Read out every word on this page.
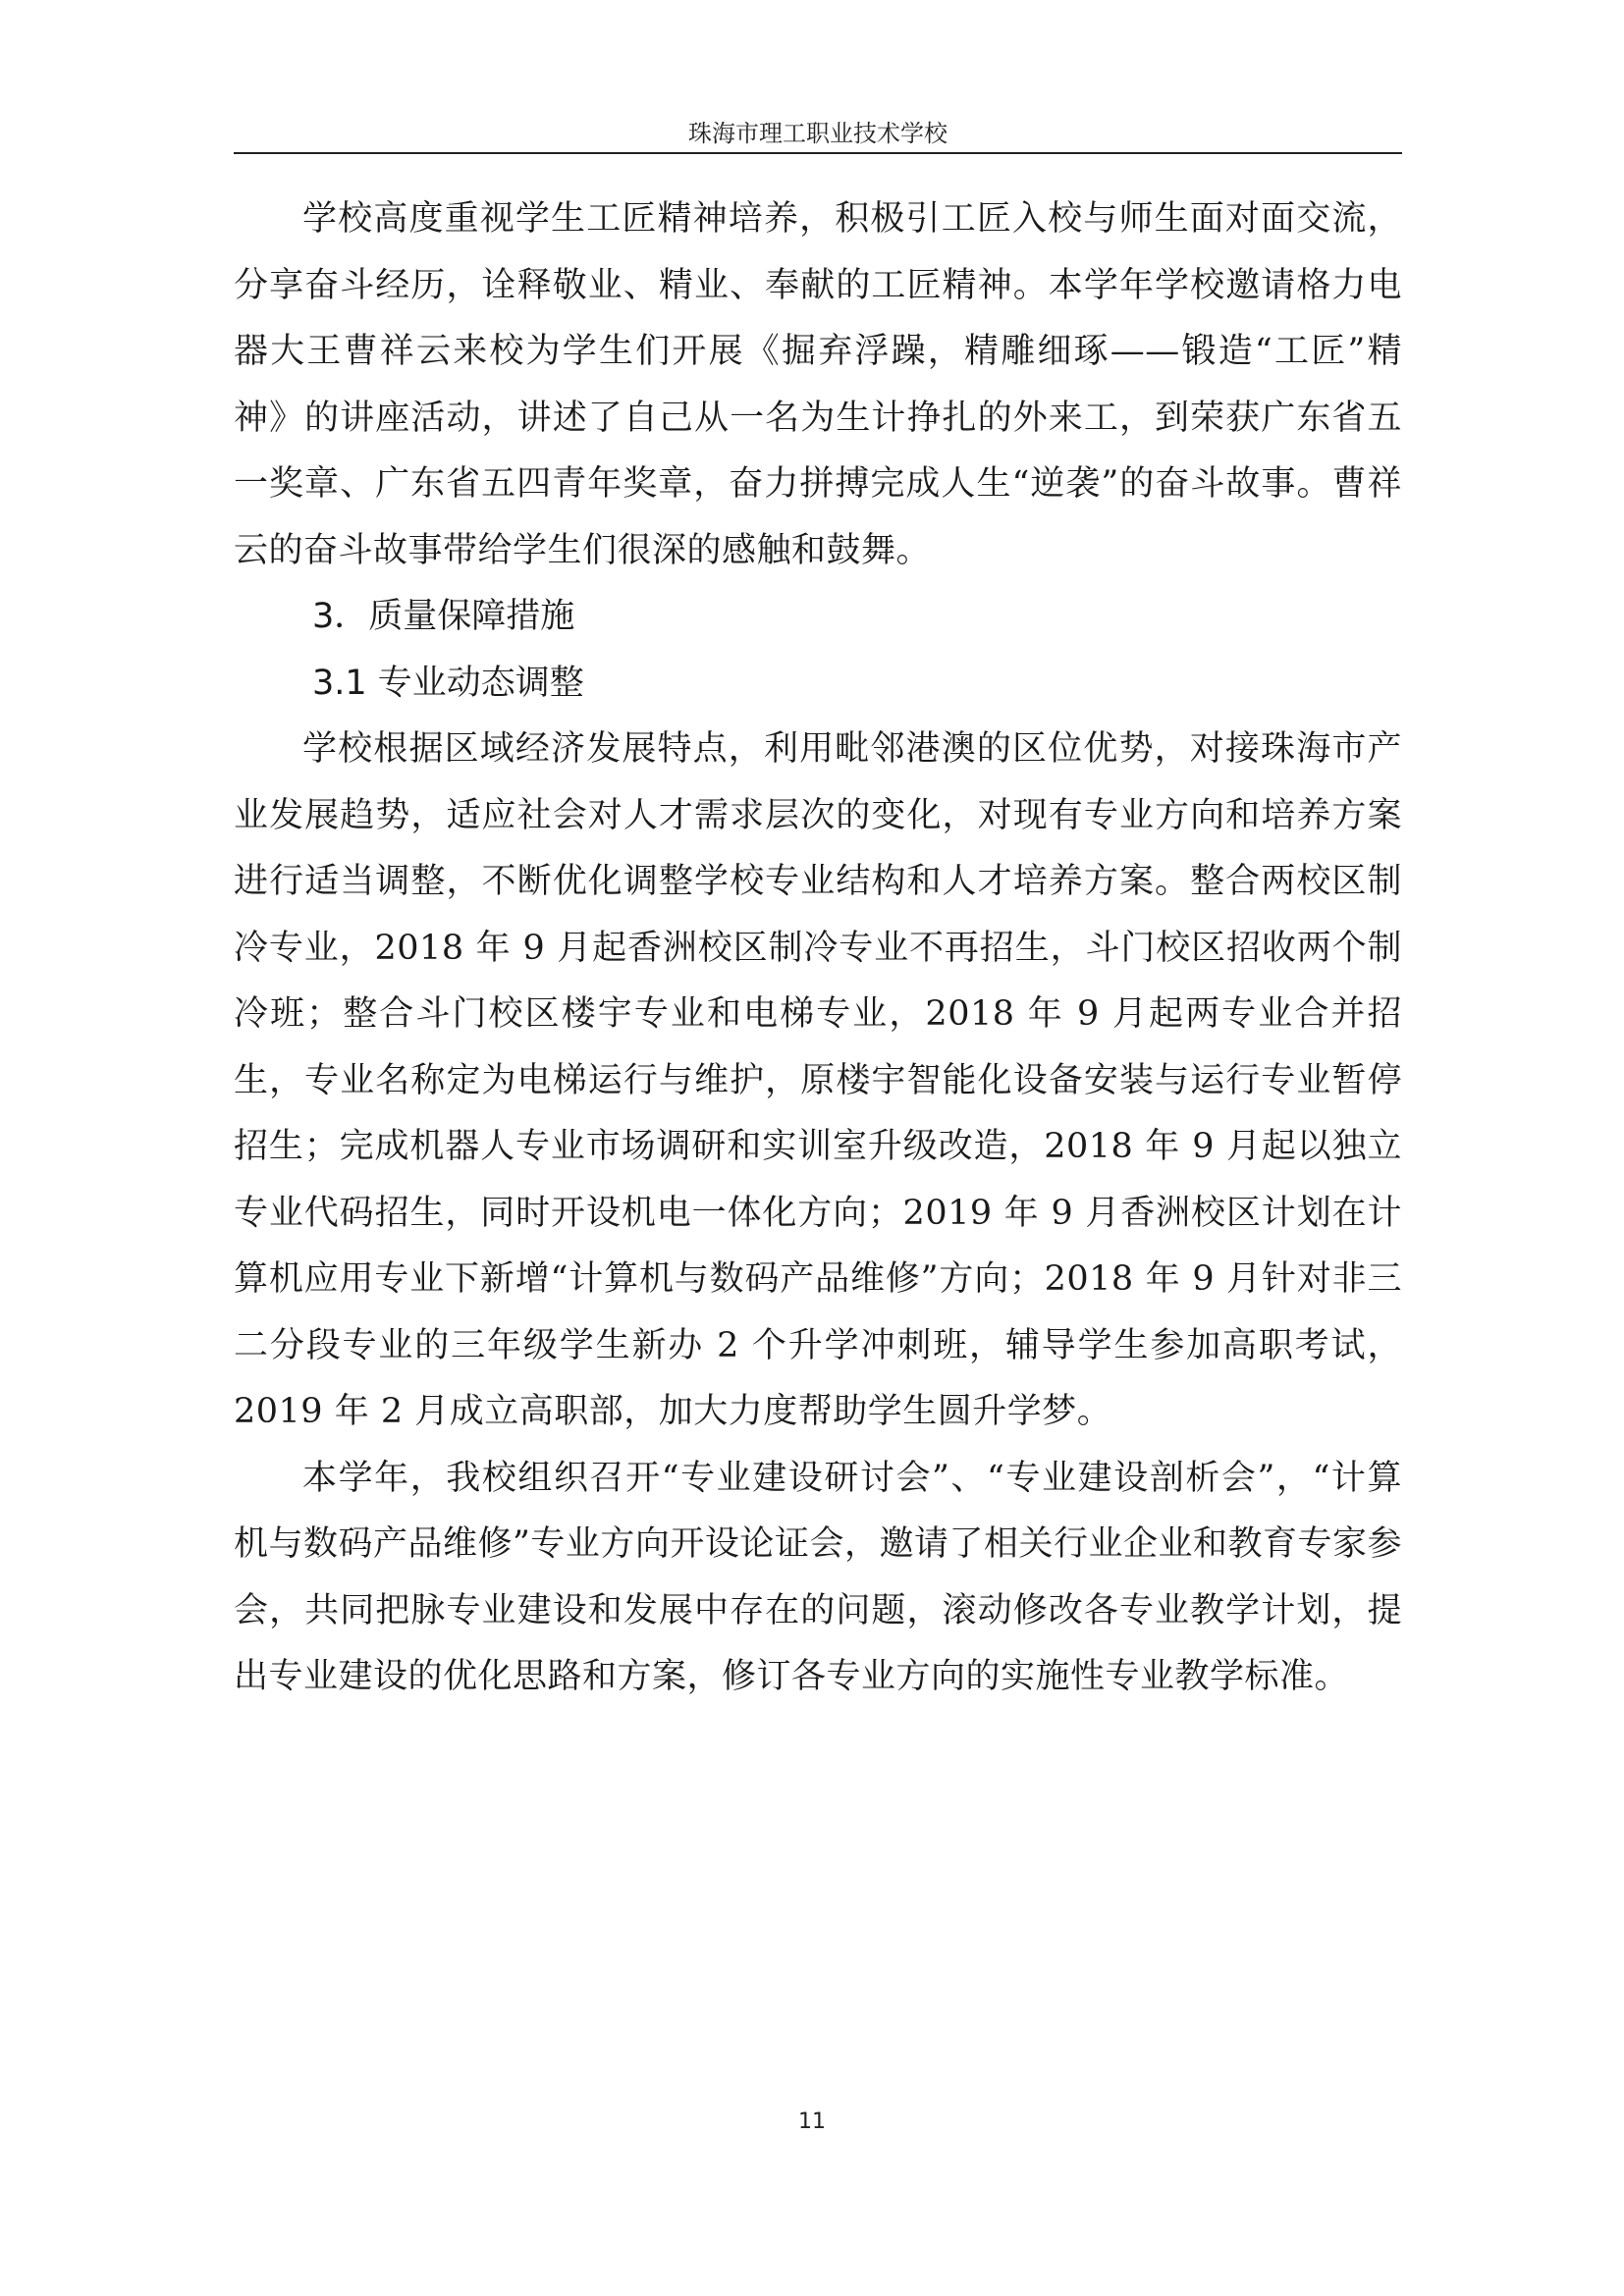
珠海市理工职业技术学校

学校高度重视学生工匠精神培养，积极引工匠入校与师生面对面交流，分享奋斗经历，诠释敬业、精业、奉献的工匠精神。本学年学校邀请格力电器大王曹祥云来校为学生们开展《掘弃浮躁，精雕细琢——锻造“工匠”精神》的讲座活动，讲述了自己从一名为生计挣扎的外来工，到荣获广东省五一奖章、广东省五四青年奖章，奋力拼搏完成人生“逆袭”的奋斗故事。曹祥云的奋斗故事带给学生们很深的感触和鼓舞。

3．质量保障措施

3.1 专业动态调整

学校根据区域经济发展特点，利用毗邻港澳的区位优势，对接珠海市产业发展趋势，适应社会对人才需求层次的变化，对现有专业方向和培养方案进行适当调整，不断优化调整学校专业结构和人才培养方案。整合两校区制冷专业，2018 年 9 月起香洲校区制冷专业不再招生，斗门校区招收两个制冷班；整合斗门校区楼宇专业和电梯专业，2018 年 9 月起两专业合并招生，专业名称定为电梯运行与维护，原楼宇智能化设备安装与运行专业暂停招生；完成机器人专业市场调研和实训室升级改造，2018 年 9 月起以独立专业代码招生，同时开设机电一体化方向；2019 年 9 月香洲校区计划在计算机应用专业下新增“计算机与数码产品维修”方向；2018 年 9 月针对非三二分段专业的三年级学生新办 2 个升学冲刺班，辅导学生参加高职考试，2019 年 2 月成立高职部，加大力度帮助学生圆升学梦。

本学年，我校组织召开“专业建设研讨会”、“专业建设剖析会”，“计算机与数码产品维修”专业方向开设论证会，邀请了相关行业企业和教育专家参会，共同把脉专业建设和发展中存在的问题，滚动修改各专业教学计划，提出专业建设的优化思路和方案，修订各专业方向的实施性专业教学标准。

11
